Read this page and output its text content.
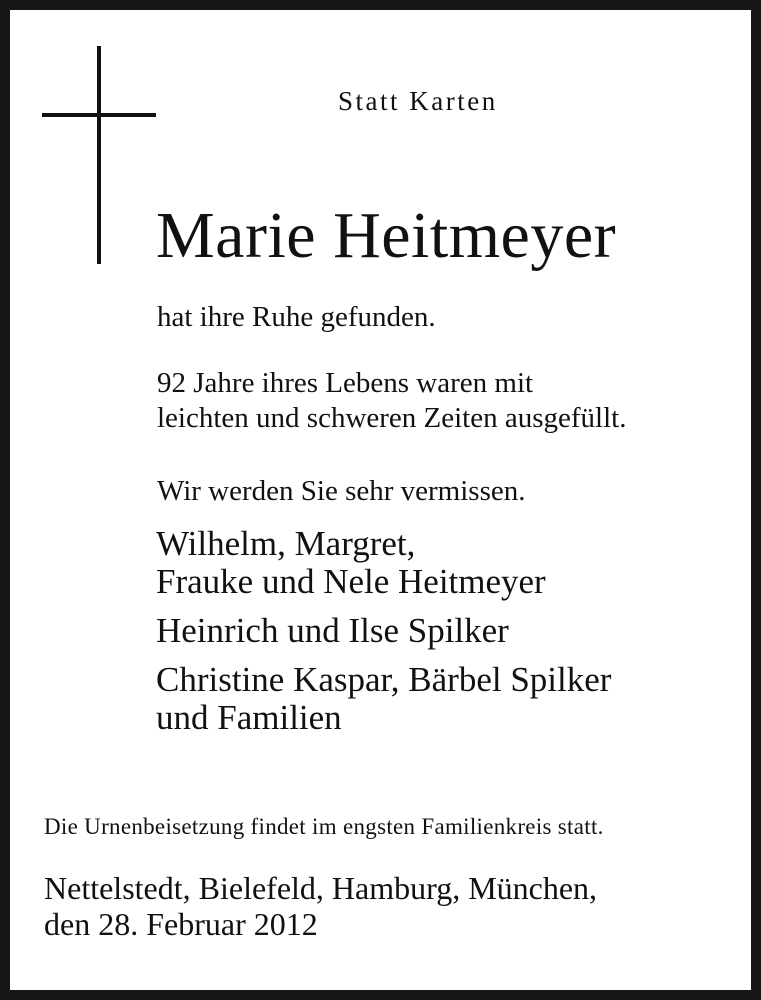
Statt Karten
Marie Heitmeyer
hat ihre Ruhe gefunden.
92 Jahre ihres Lebens waren mit
leichten und schweren Zeiten ausgefüllt.
Wir werden Sie sehr vermissen.
Wilhelm, Margret,
Frauke und Nele Heitmeyer
Heinrich und Ilse Spilker
Christine Kaspar, Bärbel Spilker
und Familien
Die Urnenbeisetzung findet im engsten Familienkreis statt.
Nettelstedt, Bielefeld, Hamburg, München,
den 28. Februar 2012
